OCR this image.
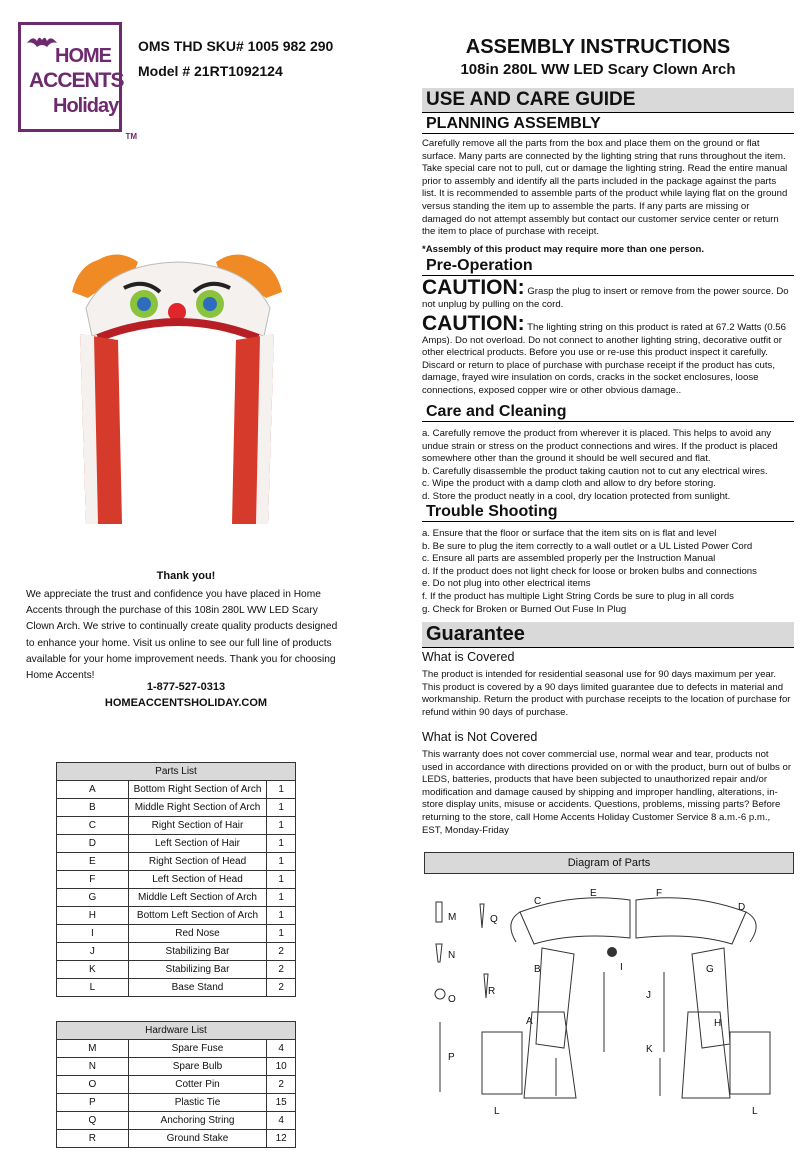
HOME
ACCENTS
Holiday
TM
OMS THD SKU# 1005 982 290
Model # 21RT1092124
ASSEMBLY INSTRUCTIONS
108in 280L WW LED Scary Clown Arch
USE AND CARE GUIDE
PLANNING ASSEMBLY
Carefully remove all the parts from the box and place them on the ground or flat surface. Many parts are connected by the lighting string that runs throughout the item. Take special care not to pull, cut or damage the lighting string. Read the entire manual prior to assembly and identify all the parts included in the package against the parts list. It is recommended to assemble parts of the product while laying flat on the ground versus standing the item up to assemble the parts. If any parts are missing or damaged do not attempt assembly but contact our customer service center or return the item to place of purchase with receipt.
*Assembly of this product may require more than one person.
Pre-Operation
CAUTION: Grasp the plug to insert or remove from the power source. Do not unplug by pulling on the cord.
CAUTION: The lighting string on this product is rated at 67.2 Watts (0.56 Amps). Do not overload. Do not connect to another lighting string, decorative outfit or other electrical products. Before you use or re-use this product inspect it carefully. Discard or return to place of purchase with purchase receipt if the product has cuts, damage, frayed wire insulation on cords, cracks in the socket enclosures, loose connections, exposed copper wire or other obvious damage..
Care and Cleaning
a. Carefully remove the product from wherever it is placed. This helps to avoid any undue strain or stress on the product connections and wires. If the product is placed somewhere other than the ground it should be well secured and flat.
b. Carefully disassemble the product taking caution not to cut any electrical wires.
c. Wipe the product with a damp cloth and allow to dry before storing.
d. Store the product neatly in a cool, dry location protected from sunlight.
Trouble Shooting
a. Ensure that the floor or surface that the item sits on is flat and level
b. Be sure to plug the item correctly to a wall outlet or a UL Listed Power Cord
c. Ensure all parts are assembled properly per the Instruction Manual
d. If the product does not light check for loose or broken bulbs and connections
e. Do not plug into other electrical items
f. If the product has multiple Light String Cords be sure to plug in all cords
g. Check for Broken or Burned Out Fuse In Plug
Guarantee
What is Covered
The product is intended for residential seasonal use for 90 days maximum per year. This product is covered by a 90 days limited guarantee due to defects in material and workmanship. Return the product with purchase receipts to the location of purchase for refund within 90 days of purchase.
What is Not Covered
This warranty does not cover commercial use, normal wear and tear, products not used in accordance with directions provided on or with the product, burn out of bulbs or LEDS, batteries, products that have been subjected to unauthorized repair and/or modification and damage caused by shipping and improper handling, alterations, in-store display units, misuse or accidents. Questions, problems, missing parts? Before returning to the store, call Home Accents Holiday Customer Service 8 a.m.-6 p.m., EST, Monday-Friday
Thank you!
We appreciate the trust and confidence you have placed in Home Accents through the purchase of this 108in 280L WW LED Scary Clown Arch. We strive to continually create quality products designed to enhance your home. Visit us online to see our full line of products available for your home improvement needs. Thank you for choosing Home Accents!
1-877-527-0313
HOMEACCENTSHOLIDAY.COM
Parts List		
A	Bottom Right Section of Arch	1
B	Middle Right Section of Arch	1
C	Right Section of Hair	1
D	Left Section of Hair	1
E	Right Section of Head	1
F	Left Section of Head	1
G	Middle Left Section of Arch	1
H	Bottom Left Section of Arch	1
I	Red Nose	1
J	Stabilizing Bar	2
K	Stabilizing Bar	2
L	Base Stand	2
Hardware List		
M	Spare Fuse	4
N	Spare Bulb	10
O	Cotter Pin	2
P	Plastic Tie	15
Q	Anchoring String	4
R	Ground Stake	12
Diagram of Parts
C
E	F
D
M	Q
N
B	I	G
R
O	J
A	H
P
K
L	L
